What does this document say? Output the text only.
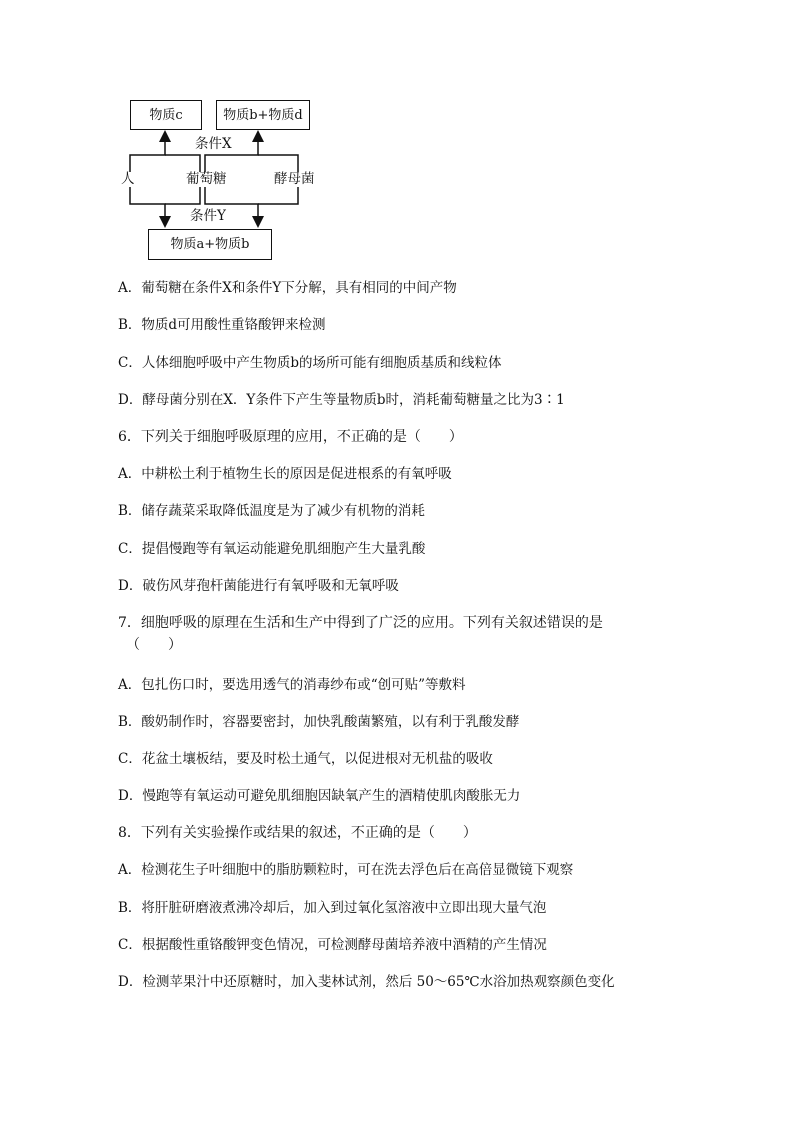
物质c	物质b+物质d
条件X
人	葡萄糖	酵母菌
条件Y
物质a+物质b
A．葡萄糖在条件X和条件Y下分解，具有相同的中间产物
B．物质d可用酸性重铬酸钾来检测
C．人体细胞呼吸中产生物质b的场所可能有细胞质基质和线粒体
D．酵母菌分别在X．Y条件下产生等量物质b时，消耗葡萄糖量之比为3∶1
6．下列关于细胞呼吸原理的应用，不正确的是（　　）
A．中耕松土利于植物生长的原因是促进根系的有氧呼吸
B．储存蔬菜采取降低温度是为了减少有机物的消耗
C．提倡慢跑等有氧运动能避免肌细胞产生大量乳酸
D．破伤风芽孢杆菌能进行有氧呼吸和无氧呼吸
7．细胞呼吸的原理在生活和生产中得到了广泛的应用。下列有关叙述错误的是
（　　）
A．包扎伤口时，要选用透气的消毒纱布或“创可贴”等敷料
B．酸奶制作时，容器要密封，加快乳酸菌繁殖，以有利于乳酸发酵
C．花盆土壤板结，要及时松土通气，以促进根对无机盐的吸收
D．慢跑等有氧运动可避免肌细胞因缺氧产生的酒精使肌肉酸胀无力
8．下列有关实验操作或结果的叙述，不正确的是（　　）
A．检测花生子叶细胞中的脂肪颗粒时，可在洗去浮色后在高倍显微镜下观察
B．将肝脏研磨液煮沸冷却后，加入到过氧化氢溶液中立即出现大量气泡
C．根据酸性重铬酸钾变色情况，可检测酵母菌培养液中酒精的产生情况
D．检测苹果汁中还原糖时，加入斐林试剂，然后 50～65℃水浴加热观察颜色变化
